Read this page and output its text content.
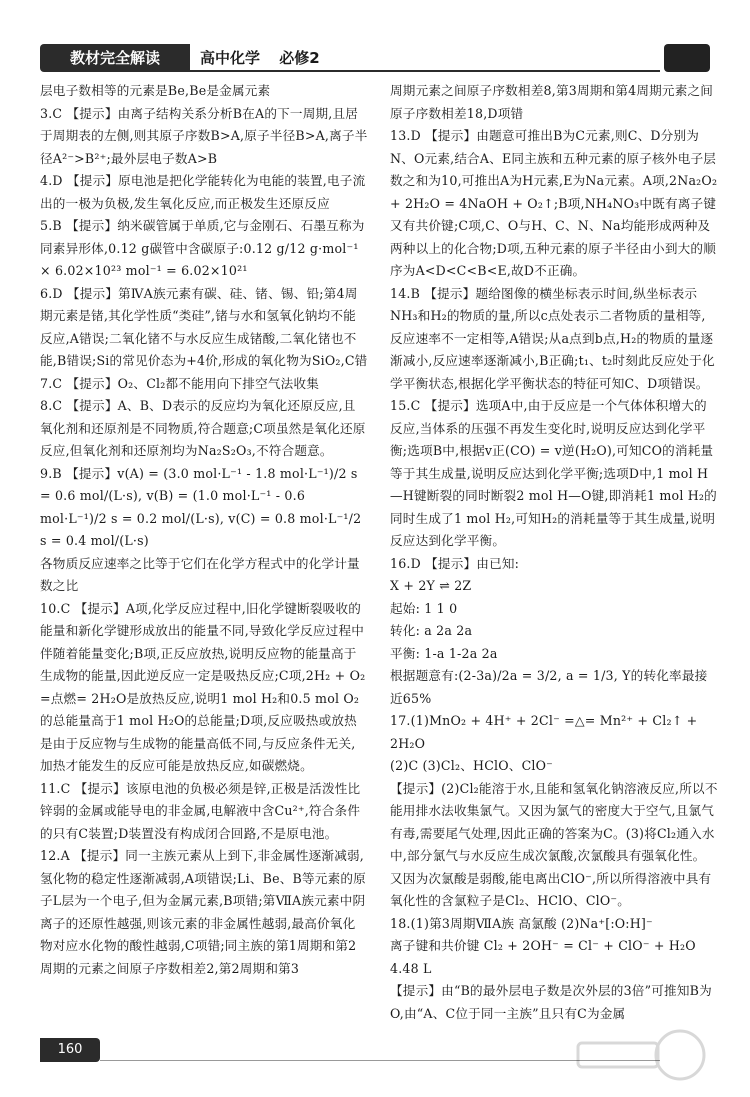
教材完全解读	高中化学 必修2

层电子数相等的元素是Be,Be是金属元素

3.C 【提示】由离子结构关系分析B在A的下一周期,且居于周期表的左侧,则其原子序数B>A,原子半径B>A,离子半径A²⁻>B²⁺;最外层电子数A>B

4.D 【提示】原电池是把化学能转化为电能的装置,电子流出的一极为负极,发生氧化反应,而正极发生还原反应

5.B 【提示】纳米碳管属于单质,它与金刚石、石墨互称为同素异形体,0.12 g碳管中含碳原子:0.12 g/12 g·mol⁻¹ × 6.02×10²³ mol⁻¹ = 6.02×10²¹

6.D 【提示】第ⅣA族元素有碳、硅、锗、锡、铅;第4周期元素是锗,其化学性质“类硅”,锗与水和氢氧化钠均不能反应,A错误;二氧化锗不与水反应生成锗酸,二氧化锗也不能,B错误;Si的常见价态为+4价,形成的氧化物为SiO₂,C错

7.C 【提示】O₂、Cl₂都不能用向下排空气法收集

8.C 【提示】A、B、D表示的反应均为氧化还原反应,且氧化剂和还原剂是不同物质,符合题意;C项虽然是氧化还原反应,但氧化剂和还原剂均为Na₂S₂O₃,不符合题意。

9.B 【提示】v(A) = (3.0 mol·L⁻¹ - 1.8 mol·L⁻¹)/2 s = 0.6 mol/(L·s), v(B) = (1.0 mol·L⁻¹ - 0.6 mol·L⁻¹)/2 s = 0.2 mol/(L·s), v(C) = 0.8 mol·L⁻¹/2 s = 0.4 mol/(L·s)

各物质反应速率之比等于它们在化学方程式中的化学计量数之比

10.C 【提示】A项,化学反应过程中,旧化学键断裂吸收的能量和新化学键形成放出的能量不同,导致化学反应过程中伴随着能量变化;B项,正反应放热,说明反应物的能量高于生成物的能量,因此逆反应一定是吸热反应;C项,2H₂ + O₂ =点燃= 2H₂O是放热反应,说明1 mol H₂和0.5 mol O₂的总能量高于1 mol H₂O的总能量;D项,反应吸热或放热是由于反应物与生成物的能量高低不同,与反应条件无关,加热才能发生的反应可能是放热反应,如碳燃烧。

11.C 【提示】该原电池的负极必须是锌,正极是活泼性比锌弱的金属或能导电的非金属,电解液中含Cu²⁺,符合条件的只有C装置;D装置没有构成闭合回路,不是原电池。

12.A 【提示】同一主族元素从上到下,非金属性逐渐减弱,氢化物的稳定性逐渐减弱,A项错误;Li、Be、B等元素的原子L层为一个电子,但为金属元素,B项错;第ⅦA族元素中阴离子的还原性越强,则该元素的非金属性越弱,最高价氧化物对应水化物的酸性越弱,C项错;同主族的第1周期和第2周期的元素之间原子序数相差2,第2周期和第3

周期元素之间原子序数相差8,第3周期和第4周期元素之间原子序数相差18,D项错

13.D 【提示】由题意可推出B为C元素,则C、D分别为N、O元素,结合A、E同主族和五种元素的原子核外电子层数之和为10,可推出A为H元素,E为Na元素。A项,2Na₂O₂ + 2H₂O = 4NaOH + O₂↑;B项,NH₄NO₃中既有离子键又有共价键;C项,C、O与H、C、N、Na均能形成两种及两种以上的化合物;D项,五种元素的原子半径由小到大的顺序为A<D<C<B<E,故D不正确。

14.B 【提示】题给图像的横坐标表示时间,纵坐标表示NH₃和H₂的物质的量,所以c点处表示二者物质的量相等,反应速率不一定相等,A错误;从a点到b点,H₂的物质的量逐渐减小,反应速率逐渐减小,B正确;t₁、t₂时刻此反应处于化学平衡状态,根据化学平衡状态的特征可知C、D项错误。

15.C 【提示】选项A中,由于反应是一个气体体积增大的反应,当体系的压强不再发生变化时,说明反应达到化学平衡;选项B中,根据v正(CO) = v逆(H₂O),可知CO的消耗量等于其生成量,说明反应达到化学平衡;选项D中,1 mol H—H键断裂的同时断裂2 mol H—O键,即消耗1 mol H₂的同时生成了1 mol H₂,可知H₂的消耗量等于其生成量,说明反应达到化学平衡。

16.D 【提示】由已知:

X + 2Y ⇌ 2Z

起始: 1 1 0

转化: a 2a 2a

平衡: 1-a 1-2a 2a

根据题意有:(2-3a)/2a = 3/2, a = 1/3, Y的转化率最接近65%

17.(1)MnO₂ + 4H⁺ + 2Cl⁻ =△= Mn²⁺ + Cl₂↑ + 2H₂O

(2)C (3)Cl₂、HClO、ClO⁻

【提示】(2)Cl₂能溶于水,且能和氢氧化钠溶液反应,所以不能用排水法收集氯气。又因为氯气的密度大于空气,且氯气有毒,需要尾气处理,因此正确的答案为C。(3)将Cl₂通入水中,部分氯气与水反应生成次氯酸,次氯酸具有强氧化性。又因为次氯酸是弱酸,能电离出ClO⁻,所以所得溶液中具有氧化性的含氯粒子是Cl₂、HClO、ClO⁻。

18.(1)第3周期ⅦA族 高氯酸 (2)Na⁺[:O:H]⁻

离子键和共价键 Cl₂ + 2OH⁻ = Cl⁻ + ClO⁻ + H₂O 4.48 L

【提示】由“B的最外层电子数是次外层的3倍”可推知B为O,由“A、C位于同一主族”且只有C为金属

160
